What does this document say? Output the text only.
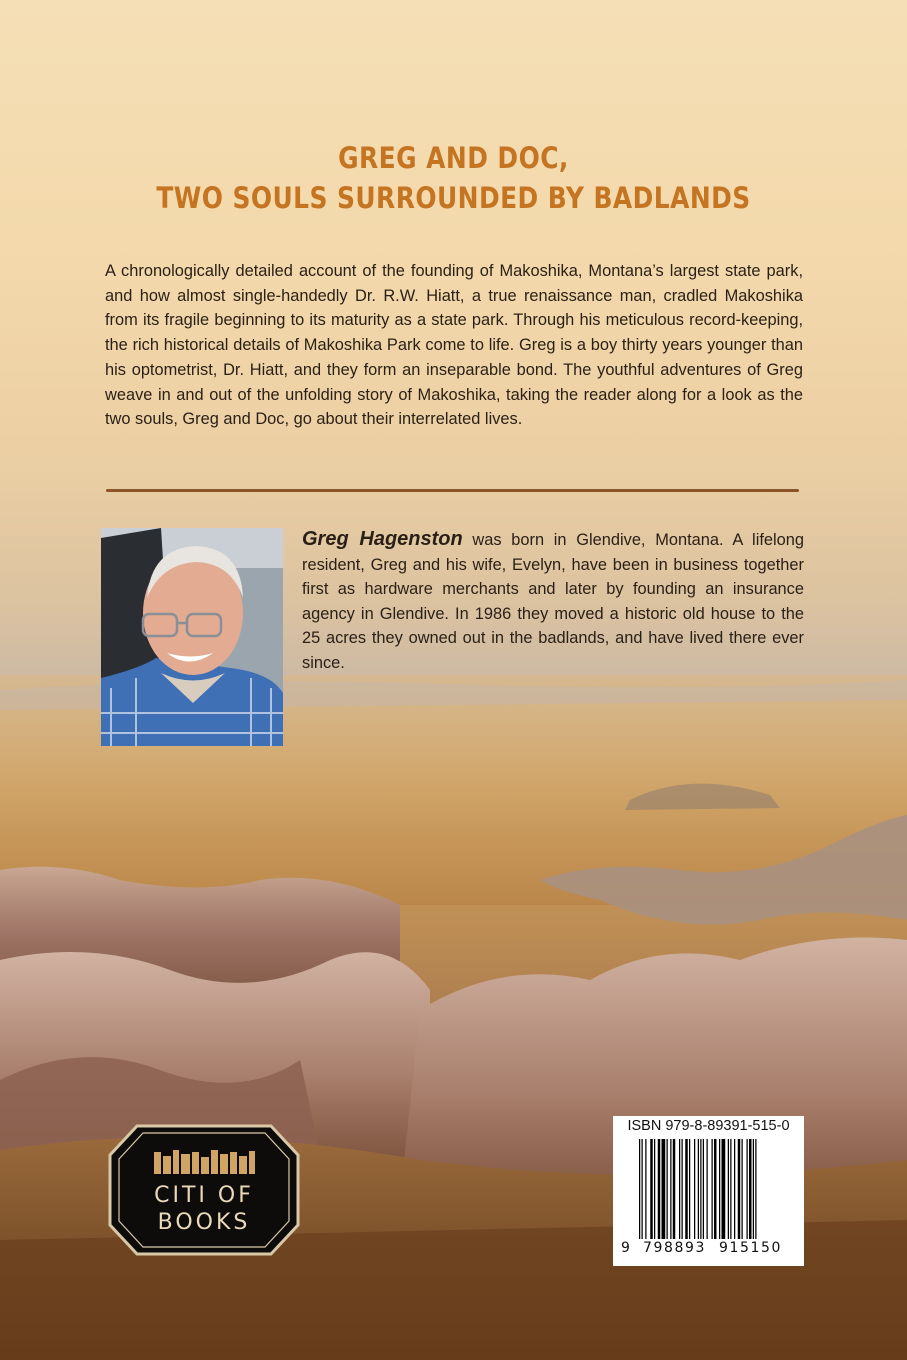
GREG AND DOC,
TWO SOULS SURROUNDED BY BADLANDS
A chronologically detailed account of the founding of Makoshika, Montana’s largest state park, and how almost single-handedly Dr. R.W. Hiatt, a true renaissance man, cradled Makoshika from its fragile beginning to its maturity as a state park. Through his meticulous record-keeping, the rich historical details of Makoshika Park come to life. Greg is a boy thirty years younger than his optometrist, Dr. Hiatt, and they form an inseparable bond. The youthful adventures of Greg weave in and out of the unfolding story of Makoshika, taking the reader along for a look as the two souls, Greg and Doc, go about their interrelated lives.
Greg Hagenston was born in Glendive, Montana. A lifelong resident, Greg and his wife, Evelyn, have been in business together first as hardware merchants and later by founding an insurance agency in Glendive. In 1986 they moved a historic old house to the 25 acres they owned out in the badlands, and have lived there ever since.
CITI OF
BOOKS
ISBN 979-8-89391-515-0
9 798893 915150
